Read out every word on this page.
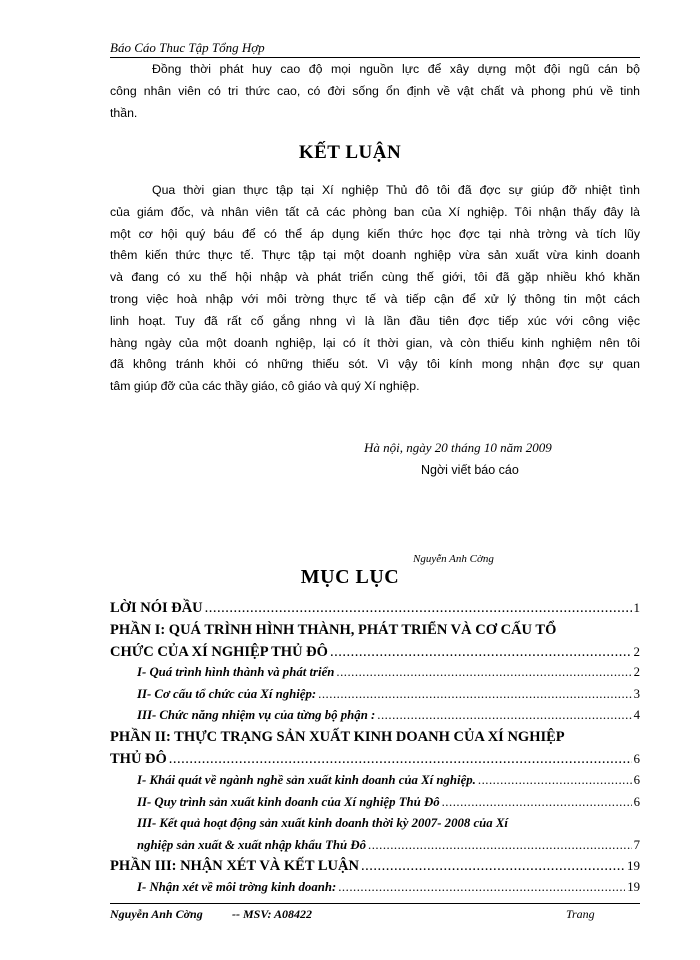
Báo Cáo Thuc Tập Tổng Hợp

Đồng thời phát huy cao độ mọi nguồn lực để xây dựng một đội ngũ cán bộ
công nhân viên có tri thức cao, có đời sống ổn định về vật chất và phong phú về tinh
thần.

KẾT LUẬN

Qua thời gian thực tập tại Xí nghiệp Thủ đô tôi đã đợc sự giúp đỡ nhiệt tình
của giám đốc, và nhân viên tất cả các phòng ban của Xí nghiệp. Tôi nhận thấy đây là
một cơ hội quý báu để có thể áp dụng kiến thức học đợc tại nhà trờng và tích lũy
thêm kiến thức thực tế. Thực tập tại một doanh nghiệp vừa sản xuất vừa kinh doanh
và đang có xu thế hội nhập và phát triển cùng thế giới, tôi đã gặp nhiều khó khăn
trong việc hoà nhập với môi trờng thực tế và tiếp cận để xử lý thông tin một cách
linh hoạt. Tuy đã rất cố gắng nhng vì là lần đầu tiên đợc tiếp xúc với công việc
hàng ngày của một doanh nghiệp, lại có ít thời gian, và còn thiếu kinh nghiệm nên tôi
đã không tránh khỏi có những thiếu sót. Vì vậy tôi kính mong nhận đợc sự quan
tâm giúp đỡ của các thầy giáo, cô giáo và quý Xí nghiệp.

Hà nội, ngày 20 tháng 10 năm 2009
Ngời viết báo cáo
Nguyễn Anh Cờng
MỤC LỤC
LỜI NÓI ĐẦU .....	1
PHẦN I: QUÁ TRÌNH HÌNH THÀNH, PHÁT TRIỂN VÀ CƠ CẤU TỔ
CHỨC CỦA XÍ NGHIỆP THỦ ĐÔ .....	2
I- Quá trình hình thành và phát triển .....	2
II- Cơ cấu tổ chức của Xí nghiệp: .....	3
III- Chức năng nhiệm vụ của từng bộ phận : .....	4
PHẦN II: THỰC TRẠNG SẢN XUẤT KINH DOANH CỦA XÍ NGHIỆP
THỦ ĐÔ .....	6
I- Khái quát về ngành nghề sản xuất kinh doanh của Xí nghiệp. .....	6
II- Quy trình sản xuất kinh doanh của Xí nghiệp Thủ Đô .....	6
III- Kết quả hoạt động sản xuất kinh doanh thời kỳ 2007- 2008 của Xí
nghiệp sản xuất & xuất nhập khẩu Thủ Đô .....	7
PHẦN III: NHẬN XÉT VÀ KẾT LUẬN .....	19
I- Nhận xét về môi trờng kinh doanh: .....	19
Nguyễn Anh Cờng -- MSV: A08422	Trang
